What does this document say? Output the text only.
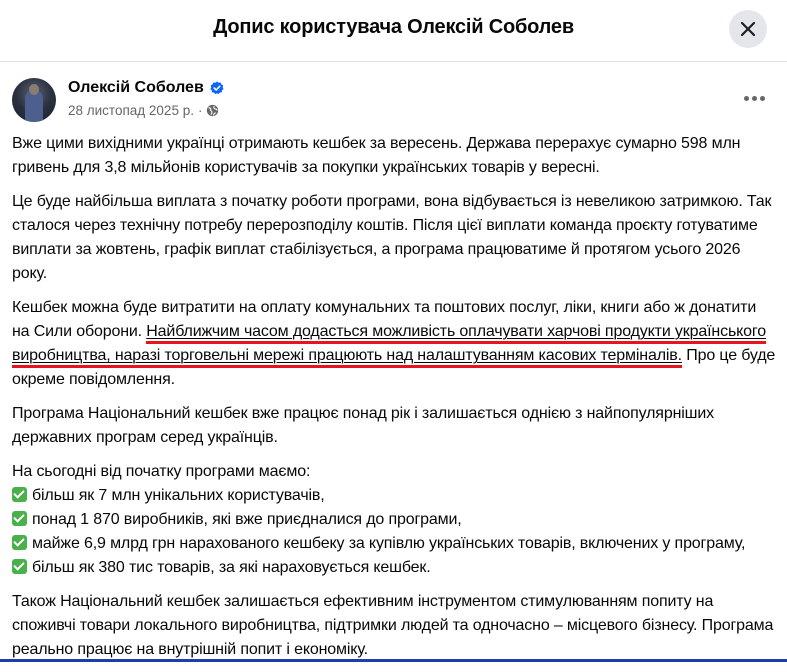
Допис користувача Олексій Соболев
Олексій Соболев
28 листопад 2025 р. ·

Вже цими вихідними українці отримають кешбек за вересень. Держава перерахує сумарно 598 млн гривень для 3,8 мільйонів користувачів за покупки українських товарів у вересні.

Це буде найбільша виплата з початку роботи програми, вона відбувається із невеликою затримкою. Так сталося через технічну потребу перерозподілу коштів. Після цієї виплати команда проєкту готуватиме виплати за жовтень, графік виплат стабілізується, а програма працюватиме й протягом усього 2026 року.

Кешбек можна буде витратити на оплату комунальних та поштових послуг, ліки, книги або ж донатити на Сили оборони. Найближчим часом додасться можливість оплачувати харчові продукти українського виробництва, наразі торговельні мережі працюють над налаштуванням касових терміналів. Про це буде окреме повідомлення.

Програма Національний кешбек вже працює понад рік і залишається однією з найпопулярніших державних програм серед українців.

На сьогодні від початку програми маємо:
більш як 7 млн унікальних користувачів,
понад 1 870 виробників, які вже приєдналися до програми,
майже 6,9 млрд грн нарахованого кешбеку за купівлю українських товарів, включених у програму,
більш як 380 тис товарів, за які нараховується кешбек.

Також Національний кешбек залишається ефективним інструментом стимулюванням попиту на споживчі товари локального виробництва, підтримки людей та одночасно – місцевого бізнесу. Програма реально працює на внутрішній попит і економіку.
